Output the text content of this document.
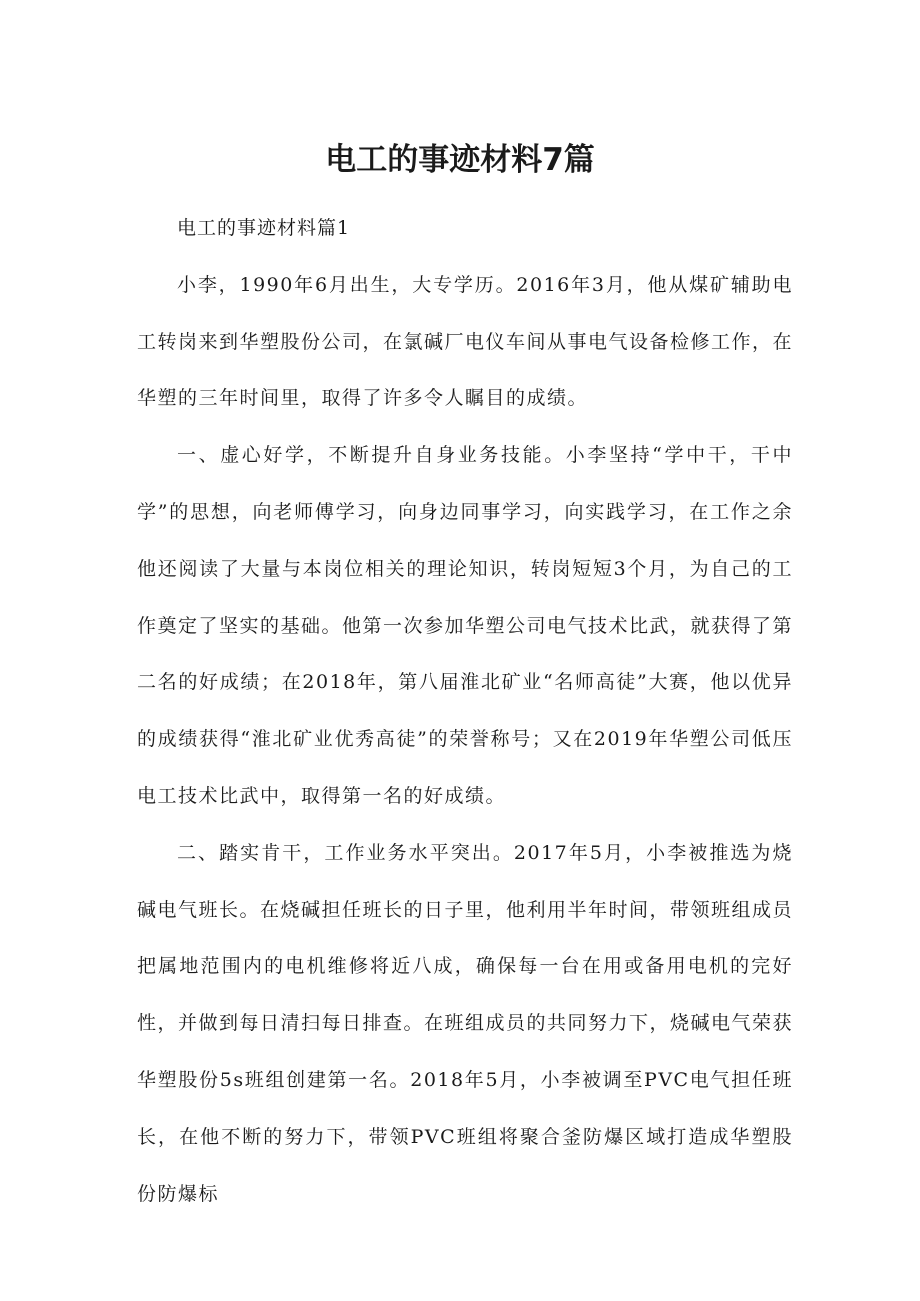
电工的事迹材料7篇

电工的事迹材料篇1

小李，1990年6月出生，大专学历。2016年3月，他从煤矿辅助电工转岗来到华塑股份公司，在氯碱厂电仪车间从事电气设备检修工作，在华塑的三年时间里，取得了许多令人瞩目的成绩。

一、虚心好学，不断提升自身业务技能。小李坚持“学中干，干中学”的思想，向老师傅学习，向身边同事学习，向实践学习，在工作之余他还阅读了大量与本岗位相关的理论知识，转岗短短3个月，为自己的工作奠定了坚实的基础。他第一次参加华塑公司电气技术比武，就获得了第二名的好成绩；在2018年，第八届淮北矿业“名师高徒”大赛，他以优异的成绩获得“淮北矿业优秀高徒”的荣誉称号；又在2019年华塑公司低压电工技术比武中，取得第一名的好成绩。

二、踏实肯干，工作业务水平突出。2017年5月，小李被推选为烧碱电气班长。在烧碱担任班长的日子里，他利用半年时间，带领班组成员把属地范围内的电机维修将近八成，确保每一台在用或备用电机的完好性，并做到每日清扫每日排查。在班组成员的共同努力下，烧碱电气荣获华塑股份5s班组创建第一名。2018年5月，小李被调至PVC电气担任班长，在他不断的努力下，带领PVC班组将聚合釜防爆区域打造成华塑股份防爆标
